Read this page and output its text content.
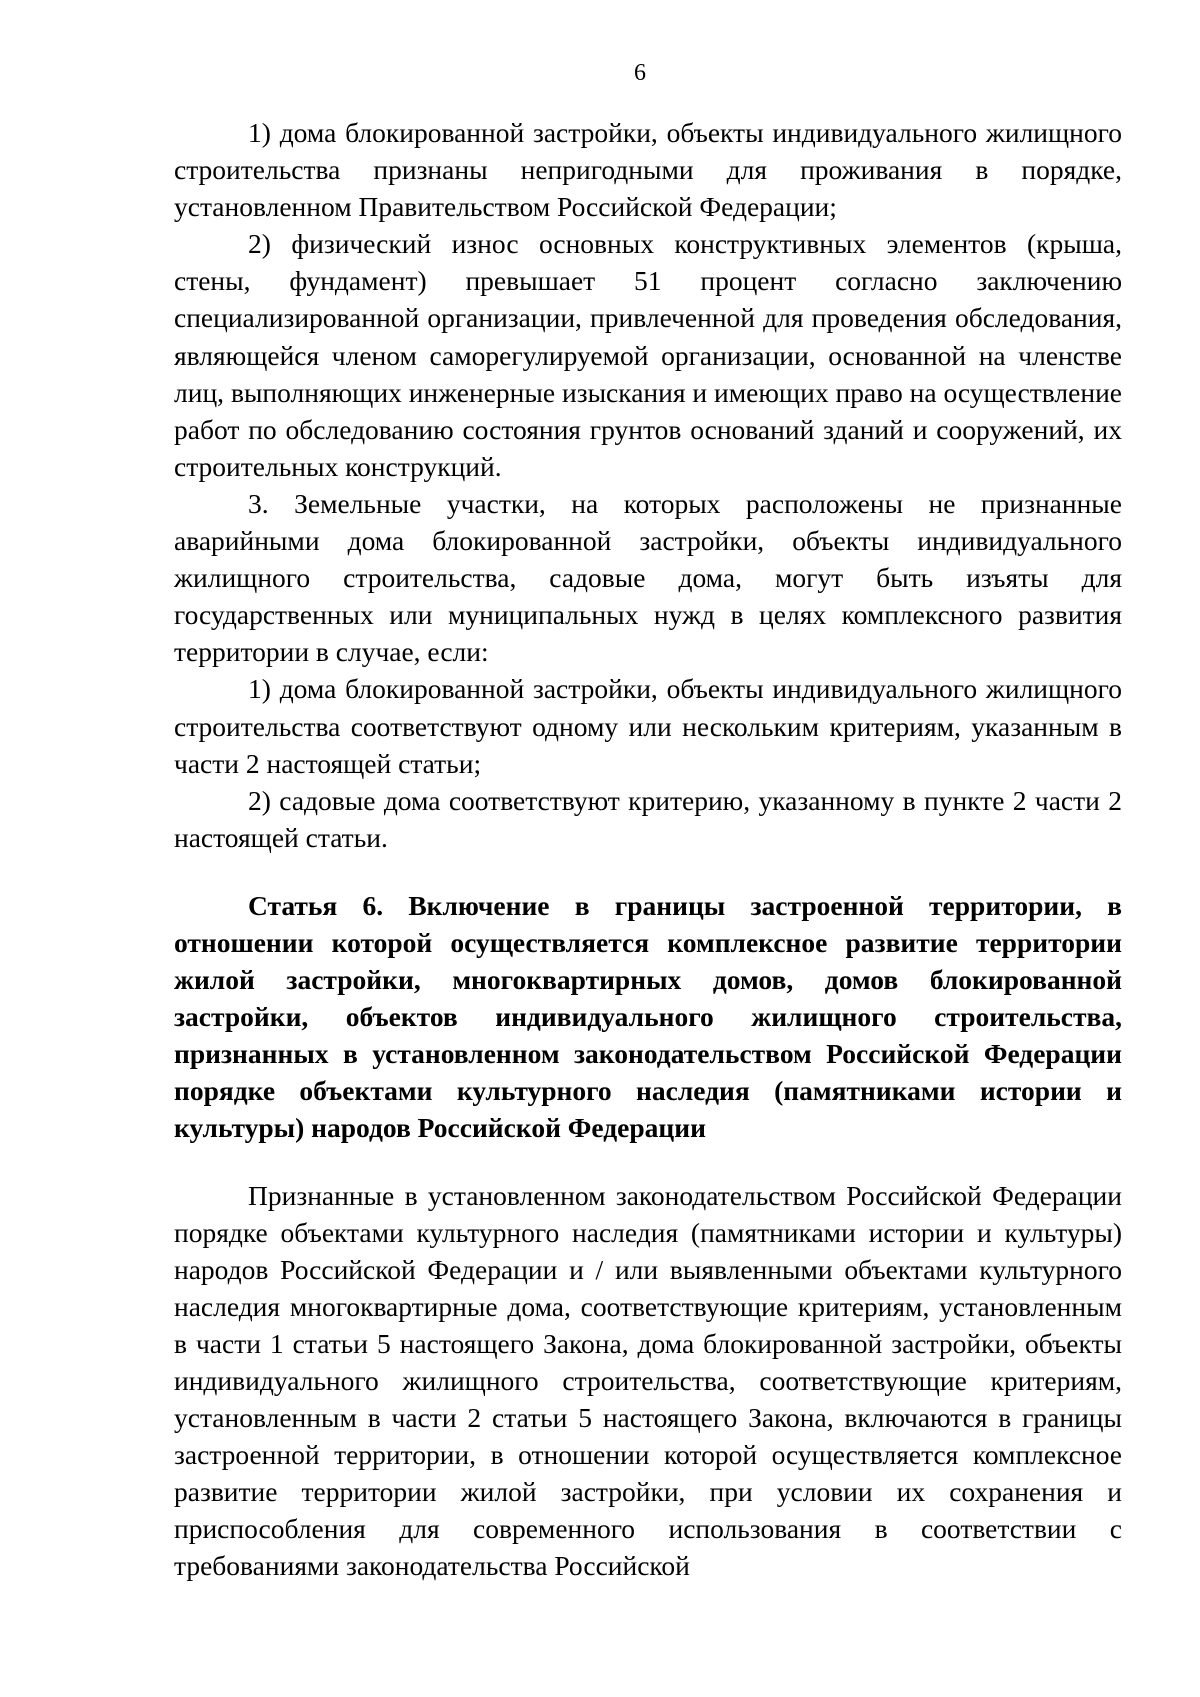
6

1) дома блокированной застройки, объекты индивидуального жилищного строительства признаны непригодными для проживания в порядке, установленном Правительством Российской Федерации;

2) физический износ основных конструктивных элементов (крыша, стены, фундамент) превышает 51 процент согласно заключению специализированной организации, привлеченной для проведения обследования, являющейся членом саморегулируемой организации, основанной на членстве лиц, выполняющих инженерные изыскания и имеющих право на осуществление работ по обследованию состояния грунтов оснований зданий и сооружений, их строительных конструкций.

3. Земельные участки, на которых расположены не признанные аварийными дома блокированной застройки, объекты индивидуального жилищного строительства, садовые дома, могут быть изъяты для государственных или муниципальных нужд в целях комплексного развития территории в случае, если:

1) дома блокированной застройки, объекты индивидуального жилищного строительства соответствуют одному или нескольким критериям, указанным в части 2 настоящей статьи;

2) садовые дома соответствуют критерию, указанному в пункте 2 части 2 настоящей статьи.

Статья 6. Включение в границы застроенной территории, в отношении которой осуществляется комплексное развитие территории жилой застройки, многоквартирных домов, домов блокированной застройки, объектов индивидуального жилищного строительства, признанных в установленном законодательством Российской Федерации порядке объектами культурного наследия (памятниками истории и культуры) народов Российской Федерации

Признанные в установленном законодательством Российской Федерации порядке объектами культурного наследия (памятниками истории и культуры) народов Российской Федерации и / или выявленными объектами культурного наследия многоквартирные дома, соответствующие критериям, установленным в части 1 статьи 5 настоящего Закона, дома блокированной застройки, объекты индивидуального жилищного строительства, соответствующие критериям, установленным в части 2 статьи 5 настоящего Закона, включаются в границы застроенной территории, в отношении которой осуществляется комплексное развитие территории жилой застройки, при условии их сохранения и приспособления для современного использования в соответствии с требованиями законодательства Российской
